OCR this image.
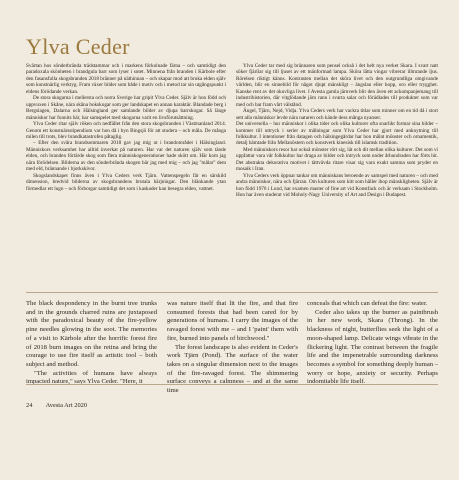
Ylva Ceder

Svärtan hos sönderbrända trädstammar och i markens förkolnade färna – och samtidigt den paradoxala skönheten i brandgula barr som lyser i sotet. Minnena från branden i Kärbole efter den fasansfulla skogsbranden 2018 bränner på näthinnan – och skapar mod att bruka elden själv som konstnärlig verktyg. Fram växer bilder som både i motiv och i metod tar sin utgångspunkt i eldens förödande verkan.

De stora skogarna i mellersta och norra Sverige har gripit Ylva Ceder. Själv är hon född och uppvuxen i Skåne, nära skåna bokskogar som ger landskapet en annan karaktär. Blandade berg i Bergslagen, Dalarna och Hälsingland ger samlande bilder av djupa barrskogar. Så länge människor har funnits här, har samspelet med skogarna varit en livsförutsättning.

Ylva Ceder ritar själv röken och nedfället från den stora skogsbranden i Västmanland 2014. Genom ett konstnärsstipendium var hon då i byn Bingsjö för att studera – och måla. De många milen till trots, blev brandkatastrofen påtaglig.

– Efter den svåra brandsommaren 2018 gav jag mig ut i brandområdet i Hälsingland. Människors verksamhet har alltid inverkat på naturen. Har var det naturen själv som tände elden, och branden förtärde skog som flera människogenerationer hade skött om. Här kom jag nära förödelsen. Bilderna av den sönderbrända skogen bär jag med mig – och jag "målar" dem med eld, brännande i bjorkskivor.

Skogslandskapet finns även i Ylva Ceders verk Tjärn. Vattenspegeln får en särskild dimension, bredvid bilderna av skogsbrandens brutala härjningar. Den blänkande ytan förmedlar ett lugn – och förborgar samtidigt det som i kaskader kan besegra elden, vattnet.

Ylva Ceder tar med sig brännaren som pensel också i det helt nya verket Skara. I svart natt söker fjärilar sig till ljuset av ett mänformad lampa. Sköra lätta vingar vibrerar illmrande ljus. Rörelsen riktigt känns. Kontrasten mellan det sköra livet och den outgrundliga omgivande världen, blir en sinnebild för något djupt mänskligt – ängslan eller hopp, oro eller trygghet. Kanske rent av det okuvliga livet. I Avesta gamla järnverk blir den även ett ackompanjemang till industrihistorien, där vitglödande järn rann i svarta salar och förädlades till produkter som var med och bar fram vårt välstånd.

Ängel, Tjärn, Nejd, Vidja. Ylva Ceders verk har vackra titlar som minner om en tid då i stort sett alla människor levde nära naturen och kände dess många nyanser.

Det universella – hur människor i olika tider och olika kulturer ofta snarlikt formar sina bilder – kommer till uttryck i serier av målningar som Ylva Ceder har gjort med anknytning till folkkultur. I intentioner från datagen och hälsingegårdar har hon målat mönster och ornamentik, detalj hämtade från Mellanöstern och konstverk kinesisk till islamsk tradition.

Med människors resor har också mönster rört sig, lät och dit mellan olika kulturer. Det som vi uppfattar vara vår folkkultur har draga av bilder och intryck som under århundraden har förts hit. Det abstrakta dekorativa motivet i tättvävda ritare visar sig vara exakt samma som pryder en mosaik i Iran.

Ylva Ceders verk öppnar tankar om människans beroende av samspel med naturen – och med andra människor, nära och fjärran. Om kulturen som kitt som håller ihop mänskligheten. Själv är hon född 1976 i Lund, har examen master of fine art vid Konstfack och är verksam i Stockholm. Hon har även studerat vid Moholy-Nagy University of Art and Design i Budapest.

The black despondency in the burnt tree trunks and in the grounds charred ruins are juxtaposed with the paradoxical beauty of the fire-yellow pine needles glowing in the soot. The memories of a visit to Kärbole after the horrific forest fire of 2018 burn images on the retina and bring the courage to use fire itself as artistic tool – both subject and method.

"The activities of humans have always impacted nature," says Ylva Ceder. "Here, it

was nature itself that lit the fire, and that fire consumed forests that had been cared for by generations of humans. I carry the images of the ravaged forest with me – and I 'paint' them with fire, burned into panels of birchwood."

The forest landscape is also evident in Ceder's work Tjärn (Pond). The surface of the water takes on a singular dimension next to the images of the fire-ravaged forest. The shimmering surface conveys a calmness – and at the same time

conceals that which can defeat the fire: water.

Ceder also takes up the burner as paintbrush in her new work, Skara (Throng). In the blackness of night, butterflies seek the light of a moon-shaped lamp. Delicate wings vibrate in the flickering light. The contrast between the fragile life and the impenetrable surrounding darkness becomes a symbol for something deeply human – worry or hope, anxiety or security. Perhaps indomitable life itself.

24 Avesta Art 2020
